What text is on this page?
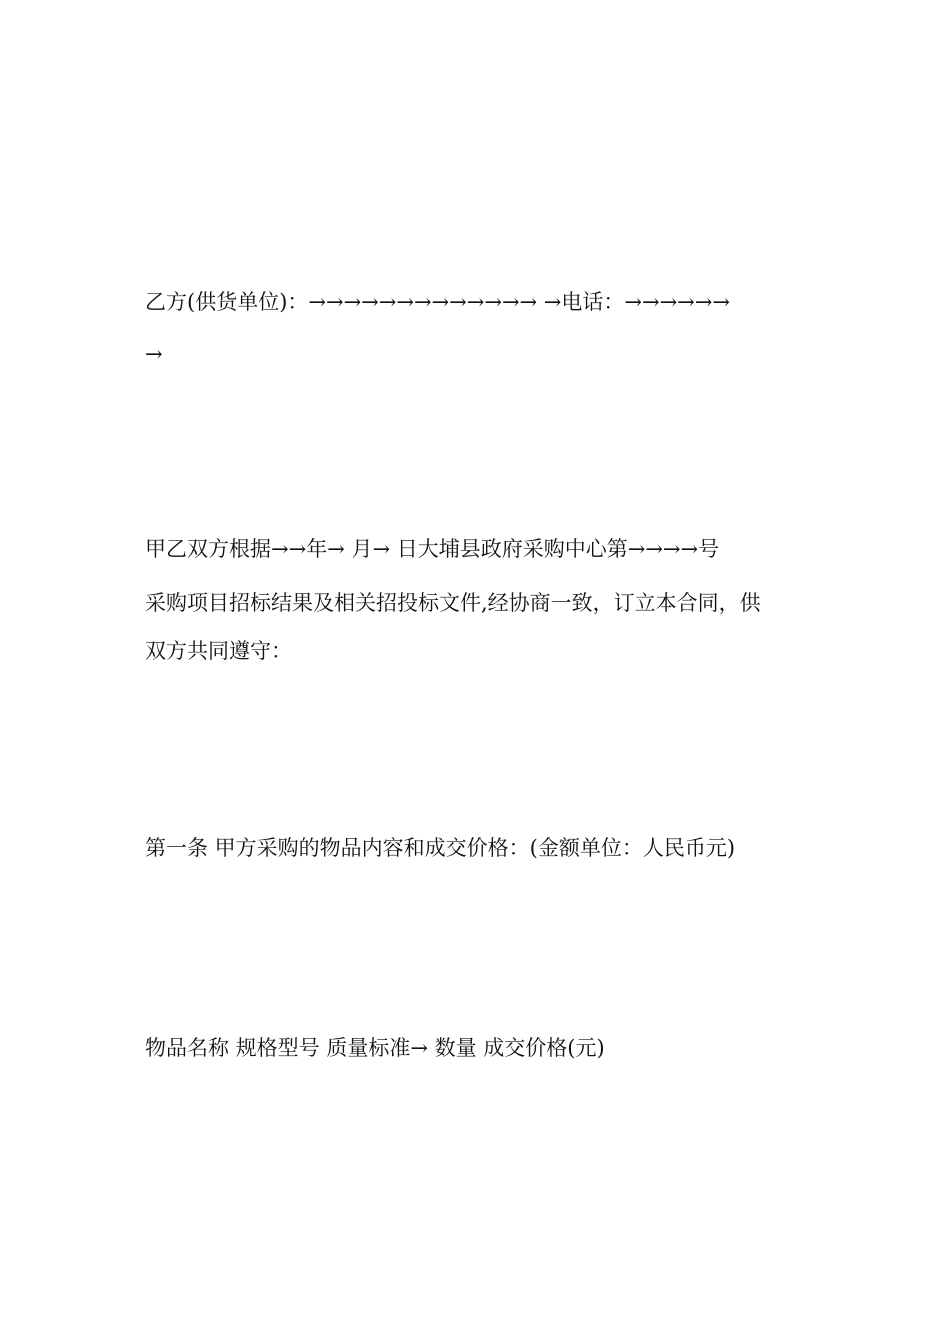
乙方(供货单位)：→→→→→→→→→→→→→ →电话：→→→→→→
→
甲乙双方根据→→年→ 月→ 日大埔县政府采购中心第→→→→号
采购项目招标结果及相关招投标文件,经协商一致，订立本合同，供
双方共同遵守：
第一条 甲方采购的物品内容和成交价格：(金额单位：人民币元)
物品名称 规格型号 质量标准→ 数量 成交价格(元)
